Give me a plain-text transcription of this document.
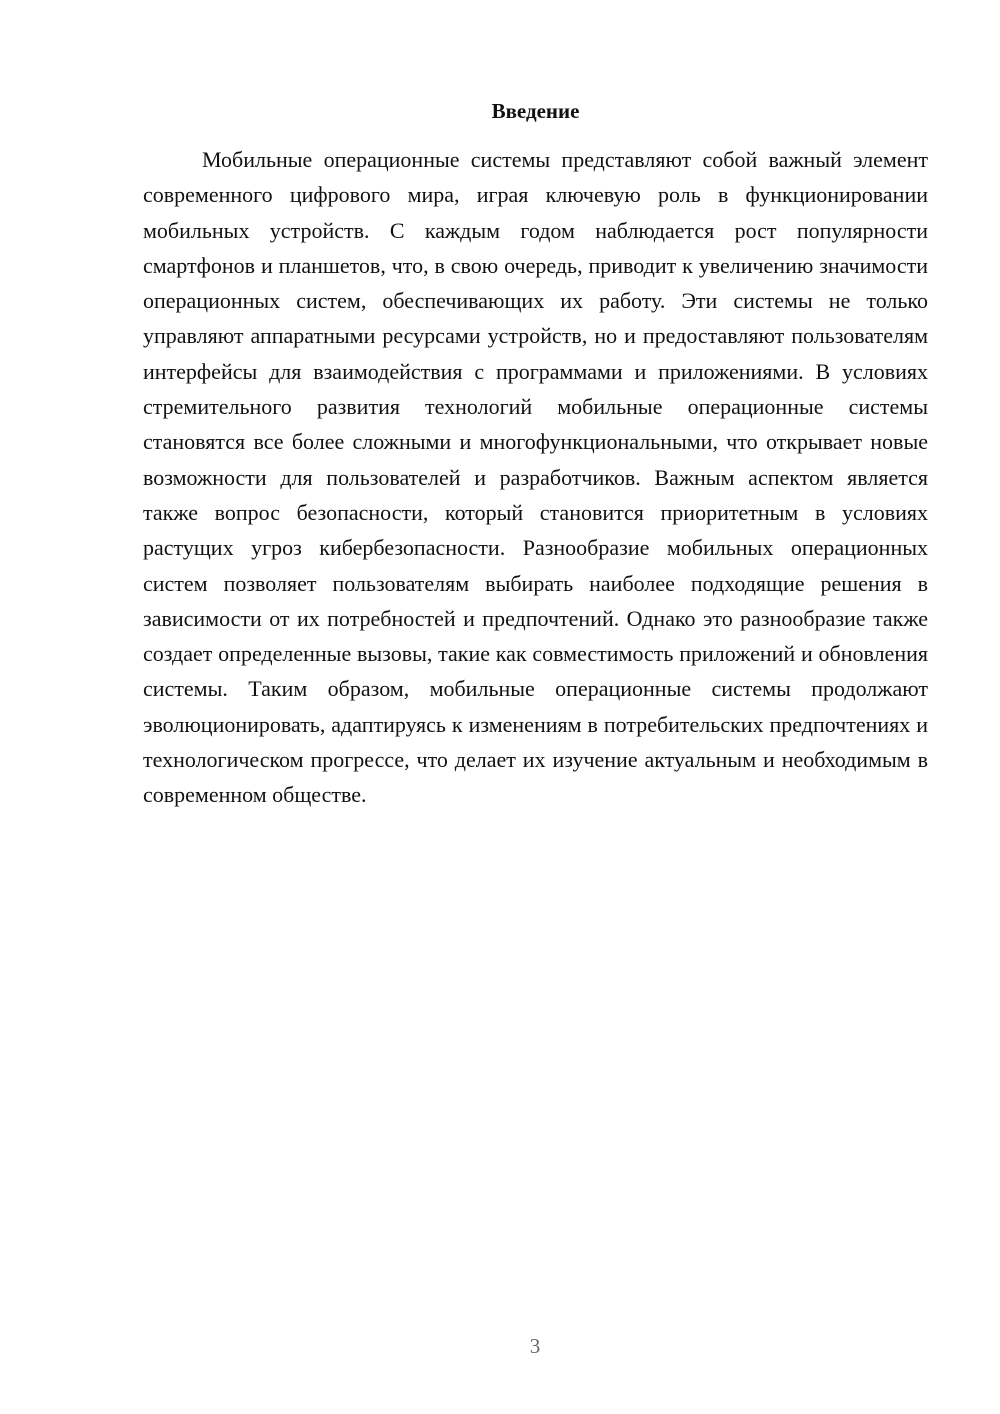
Введение

Мобильные операционные системы представляют собой важный элемент современного цифрового мира, играя ключевую роль в функционировании мобильных устройств. С каждым годом наблюдается рост популярности смартфонов и планшетов, что, в свою очередь, приводит к увеличению значимости операционных систем, обеспечивающих их работу. Эти системы не только управляют аппаратными ресурсами устройств, но и предоставляют пользователям интерфейсы для взаимодействия с программами и приложениями. В условиях стремительного развития технологий мобильные операционные системы становятся все более сложными и многофункциональными, что открывает новые возможности для пользователей и разработчиков. Важным аспектом является также вопрос безопасности, который становится приоритетным в условиях растущих угроз кибербезопасности. Разнообразие мобильных операционных систем позволяет пользователям выбирать наиболее подходящие решения в зависимости от их потребностей и предпочтений. Однако это разнообразие также создает определенные вызовы, такие как совместимость приложений и обновления системы. Таким образом, мобильные операционные системы продолжают эволюционировать, адаптируясь к изменениям в потребительских предпочтениях и технологическом прогрессе, что делает их изучение актуальным и необходимым в современном обществе.

3
